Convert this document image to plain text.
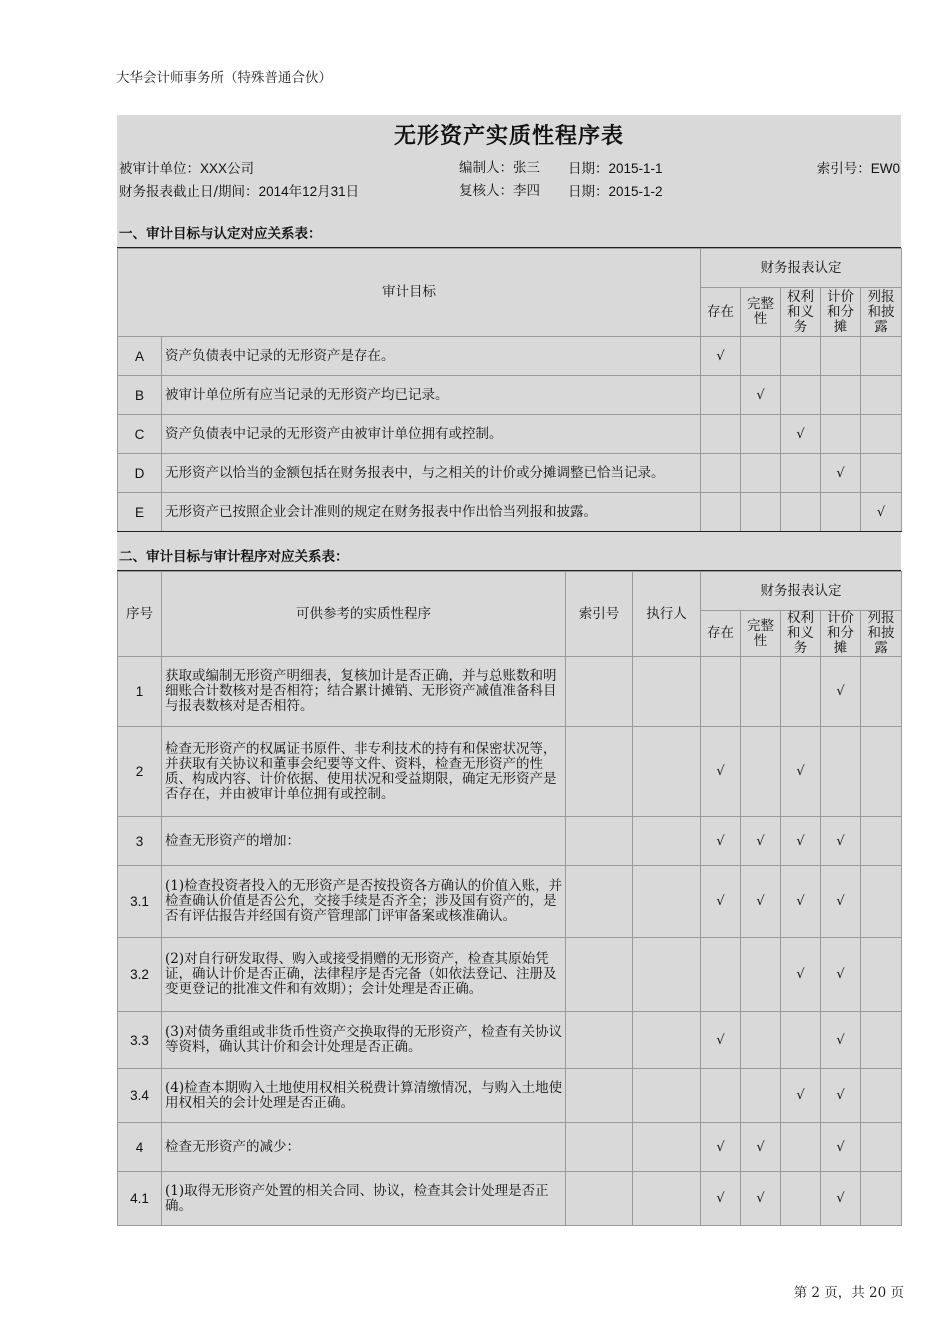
大华会计师事务所（特殊普通合伙）
无形资产实质性程序表
被审计单位：XXX公司	编制人：张三 日期：2015-1-1	索引号：EW0
财务报表截止日/期间：2014年12月31日	复核人：李四 日期：2015-1-2
一、审计目标与认定对应关系表：
审计目标		财务报表认定				
		存在	完整性	权利和义务	计价和分摊	列报和披露
A	资产负债表中记录的无形资产是存在。	√				
B	被审计单位所有应当记录的无形资产均已记录。		√			
C	资产负债表中记录的无形资产由被审计单位拥有或控制。			√		
D	无形资产以恰当的金额包括在财务报表中，与之相关的计价或分摊调整已恰当记录。				√	
E	无形资产已按照企业会计准则的规定在财务报表中作出恰当列报和披露。					√
二、审计目标与审计程序对应关系表：
序号	可供参考的实质性程序	索引号	执行人	财务报表认定				
				存在	完整性	权利和义务	计价和分摊	列报和披露
1	获取或编制无形资产明细表，复核加计是否正确，并与总账数和明细账合计数核对是否相符；结合累计摊销、无形资产减值准备科目与报表数核对是否相符。						√	
2	检查无形资产的权属证书原件、非专利技术的持有和保密状况等，并获取有关协议和董事会纪要等文件、资料，检查无形资产的性质、构成内容、计价依据、使用状况和受益期限，确定无形资产是否存在，并由被审计单位拥有或控制。			√		√		
3	检查无形资产的增加：			√	√	√	√	
3.1	(1)检查投资者投入的无形资产是否按投资各方确认的价值入账，并检查确认价值是否公允，交接手续是否齐全；涉及国有资产的，是否有评估报告并经国有资产管理部门评审备案或核准确认。			√	√	√	√	
3.2	(2)对自行研发取得、购入或接受捐赠的无形资产，检查其原始凭证，确认计价是否正确，法律程序是否完备（如依法登记、注册及变更登记的批准文件和有效期）；会计处理是否正确。					√	√	
3.3	(3)对债务重组或非货币性资产交换取得的无形资产，检查有关协议等资料，确认其计价和会计处理是否正确。			√			√	
3.4	(4)检查本期购入土地使用权相关税费计算清缴情况，与购入土地使用权相关的会计处理是否正确。					√	√	
4	检查无形资产的减少：			√	√		√	
4.1	(1)取得无形资产处置的相关合同、协议，检查其会计处理是否正确。			√	√		√	
第 2 页，共 20 页
